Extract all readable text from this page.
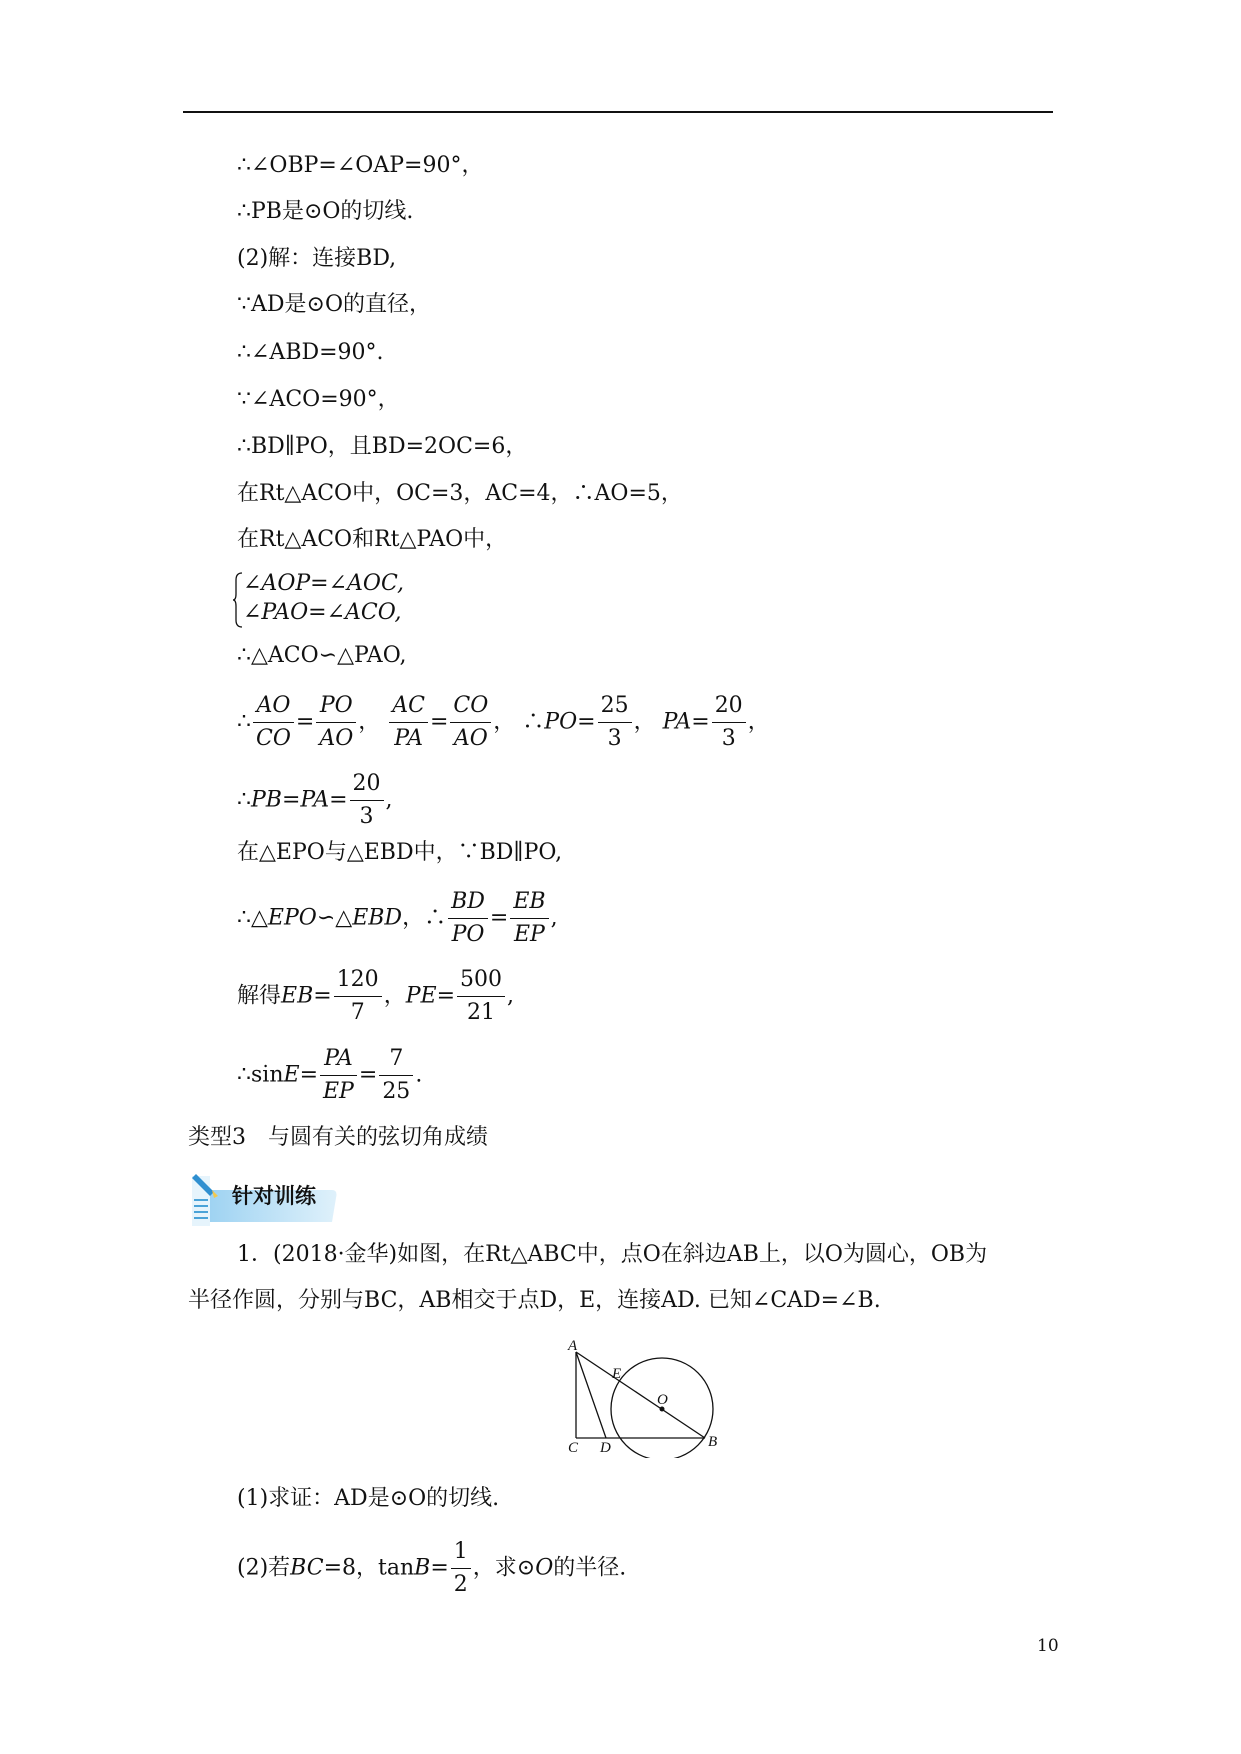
∴∠OBP=∠OAP=90°，
∴PB是⊙O的切线.
(2)解：连接BD,
∵AD是⊙O的直径，
∴∠ABD=90°.
∵∠ACO=90°，
∴BD∥PO，且BD=2OC=6，
在Rt△ACO中，OC=3，AC=4，∴AO=5，
在Rt△ACO和Rt△PAO中，
∠AOP=∠AOC,
∠PAO=∠ACO,
∴△ACO∽△PAO,
∴ $\frac{AO}{CO} = \frac{PO}{AO}$ ， $\frac{AC}{PA} = \frac{CO}{AO}$ ， ∴PO= $\frac{25}{3}$ ， $PA= \frac{20}{3}$ ，
∴PB=PA= $\frac{20}{3}$ ,
在△EPO与△EBD中，∵BD∥PO,
∴△EPO∽△EBD，∴ $\frac{BD}{PO} = \frac{EB}{EP}$ ,
解得$EB= \frac{120}{7}$ ，$PE= \frac{500}{21}$ ,
∴sinE= $\frac{PA}{EP} = \frac{7}{25}$ .
类型3　与圆有关的弦切角成绩
针对训练
1．(2018·金华)如图，在Rt△ABC中，点O在斜边AB上，以O为圆心，OB为
半径作圆，分别与BC，AB相交于点D，E，连接AD. 已知∠CAD=∠B.
A
B
C D
E
O
(1)求证：AD是⊙O的切线.
(2)若BC=8，$\tan B= \frac{1}{2}$ ，求⊙O的半径.
10
